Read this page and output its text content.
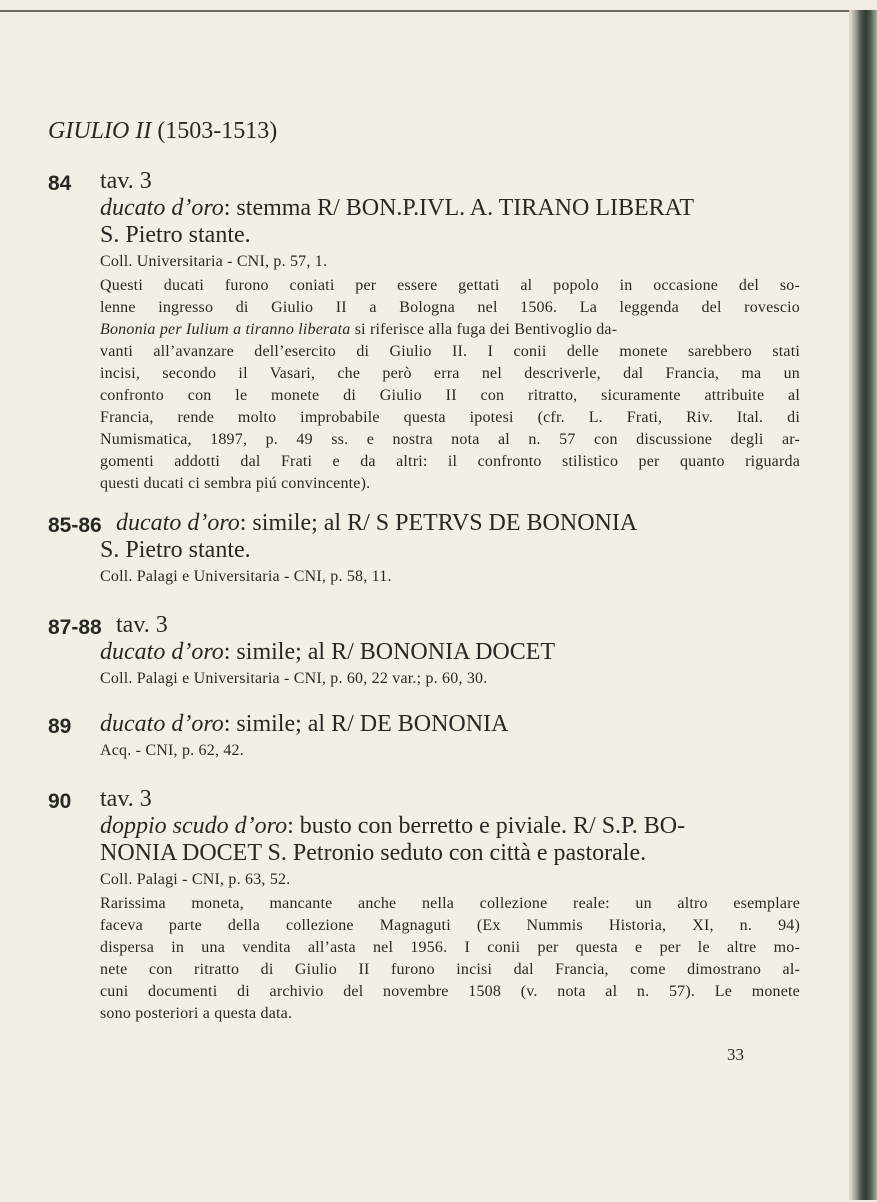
GIULIO II (1503-1513)
84 tav. 3
ducato d’oro: stemma R/ BON.P.IVL. A. TIRANO LIBERAT
S. Pietro stante.
Coll. Universitaria - CNI, p. 57, 1.
Questi ducati furono coniati per essere gettati al popolo in occasione del so-
lenne ingresso di Giulio II a Bologna nel 1506. La leggenda del rovescio
Bononia per Iulium a tiranno liberata si riferisce alla fuga dei Bentivoglio da-
vanti all’avanzare dell’esercito di Giulio II. I conii delle monete sarebbero stati
incisi, secondo il Vasari, che però erra nel descriverle, dal Francia, ma un
confronto con le monete di Giulio II con ritratto, sicuramente attribuite al
Francia, rende molto improbabile questa ipotesi (cfr. L. Frati, Riv. Ital. di
Numismatica, 1897, p. 49 ss. e nostra nota al n. 57 con discussione degli ar-
gomenti addotti dal Frati e da altri: il confronto stilistico per quanto riguarda
questi ducati ci sembra piú convincente).
85-86 ducato d’oro: simile; al R/ S PETRVS DE BONONIA
S. Pietro stante.
Coll. Palagi e Universitaria - CNI, p. 58, 11.
87-88 tav. 3
ducato d’oro: simile; al R/ BONONIA DOCET
Coll. Palagi e Universitaria - CNI, p. 60, 22 var.; p. 60, 30.
89 ducato d’oro: simile; al R/ DE BONONIA
Acq. - CNI, p. 62, 42.
90 tav. 3
doppio scudo d’oro: busto con berretto e piviale. R/ S.P. BO-
NONIA DOCET S. Petronio seduto con città e pastorale.
Coll. Palagi - CNI, p. 63, 52.
Rarissima moneta, mancante anche nella collezione reale: un altro esemplare
faceva parte della collezione Magnaguti (Ex Nummis Historia, XI, n. 94)
dispersa in una vendita all’asta nel 1956. I conii per questa e per le altre mo-
nete con ritratto di Giulio II furono incisi dal Francia, come dimostrano al-
cuni documenti di archivio del novembre 1508 (v. nota al n. 57). Le monete
sono posteriori a questa data.
33
